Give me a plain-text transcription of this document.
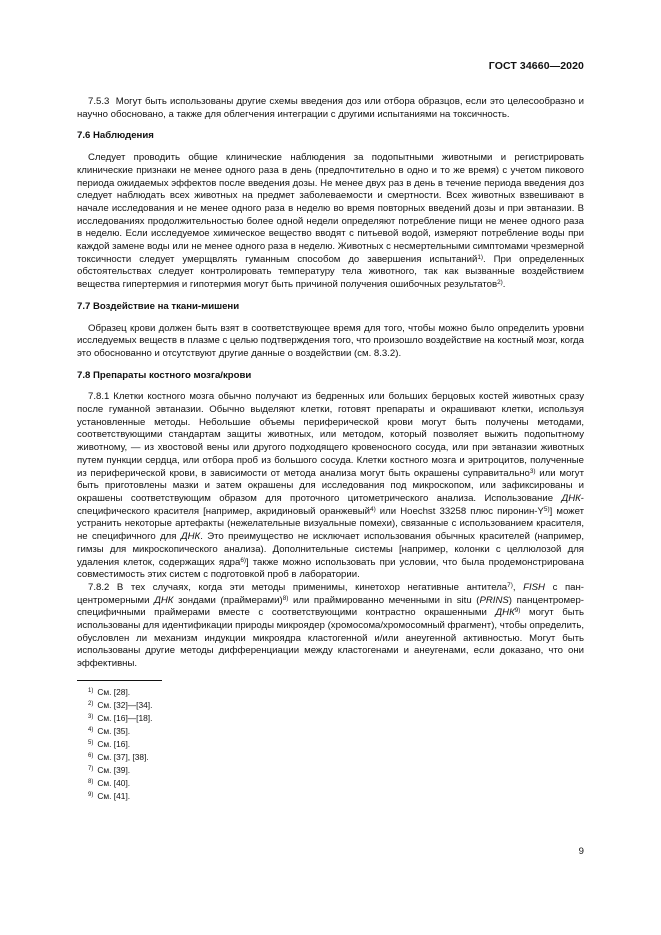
ГОСТ 34660—2020

7.5.3 Могут быть использованы другие схемы введения доз или отбора образцов, если это целесообразно и научно обосновано, а также для облегчения интеграции с другими испытаниями на токсичность.

7.6 Наблюдения

Следует проводить общие клинические наблюдения за подопытными животными и регистрировать клинические признаки не менее одного раза в день (предпочтительно в одно и то же время) с учетом пикового периода ожидаемых эффектов после введения дозы. Не менее двух раз в день в течение периода введения доз следует наблюдать всех животных на предмет заболеваемости и смертности. Всех животных взвешивают в начале исследования и не менее одного раза в неделю во время повторных введений дозы и при эвтаназии. В исследованиях продолжительностью более одной недели определяют потребление пищи не менее одного раза в неделю. Если исследуемое химическое вещество вводят с питьевой водой, измеряют потребление воды при каждой замене воды или не менее одного раза в неделю. Животных с несмертельными симптомами чрезмерной токсичности следует умерщвлять гуманным способом до завершения испытаний$^{1)}$. При определенных обстоятельствах следует контролировать температуру тела животного, так как вызванные воздействием вещества гипертермия и гипотермия могут быть причиной получения ошибочных результатов$^{2)}$.

7.7 Воздействие на ткани-мишени

Образец крови должен быть взят в соответствующее время для того, чтобы можно было определить уровни исследуемых веществ в плазме с целью подтверждения того, что произошло воздействие на костный мозг, когда это обоснованно и отсутствуют другие данные о воздействии (см. 8.3.2).

7.8 Препараты костного мозга/крови

7.8.1 Клетки костного мозга обычно получают из бедренных или больших берцовых костей животных сразу после гуманной эвтаназии. Обычно выделяют клетки, готовят препараты и окрашивают клетки, используя установленные методы. Небольшие объемы периферической крови могут быть получены методами, соответствующими стандартам защиты животных, или методом, который позволяет выжить подопытному животному, — из хвостовой вены или другого подходящего кровеносного сосуда, или при эвтаназии животных путем пункции сердца, или отбора проб из большого сосуда. Клетки костного мозга и эритроцитов, полученные из периферической крови, в зависимости от метода анализа могут быть окрашены суправитально$^{3)}$ или могут быть приготовлены мазки и затем окрашены для исследования под микроскопом, или зафиксированы и окрашены соответствующим образом для проточного цитометрического анализа. Использование ДНК-специфического красителя [например, акридиновый оранжевый$^{4)}$ или Hoechst 33258 плюс пиронин-$Y^{5)}$] может устранить некоторые артефакты (нежелательные визуальные помехи), связанные с использованием красителя, не специфичного для ДНК. Это преимущество не исключает использования обычных красителей (например, гимзы для микроскопического анализа). Дополнительные системы [например, колонки с целлюлозой для удаления клеток, содержащих ядра$^{6)}$] также можно использовать при условии, что была продемонстрирована совместимость этих систем с подготовкой проб в лаборатории.

7.8.2 В тех случаях, когда эти методы применимы, кинетохор негативные антитела$^{7)}$, FISH с пан-центромерными ДНК зондами (праймерами)$^{8)}$ или праймированно меченными in situ (PRINS) панцентромер-специфичными праймерами вместе с соответствующими контрастно окрашенными ДНК$^{9)}$ могут быть использованы для идентификации природы микроядер (хромосома/хромосомный фрагмент), чтобы определить, обусловлен ли механизм индукции микроядра кластогенной и/или анеугенной активностью. Могут быть использованы другие методы дифференциации между кластогенами и анеугенами, если доказано, что они эффективны.

$^{1)}$ См. [28].
$^{2)}$ См. [32]—[34].
$^{3)}$ См. [16]—[18].
$^{4)}$ См. [35].
$^{5)}$ См. [16].
$^{6)}$ См. [37], [38].
$^{7)}$ См. [39].
$^{8)}$ См. [40].
$^{9)}$ См. [41].
9
